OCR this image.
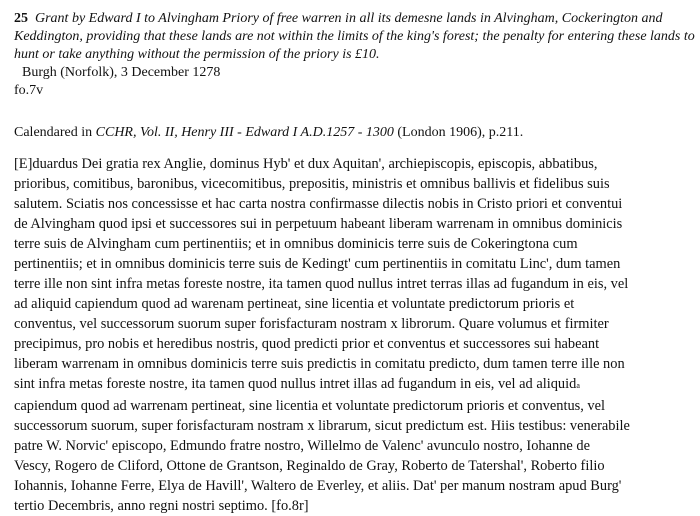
25 Grant by Edward I to Alvingham Priory of free warren in all its demesne lands in Alvingham, Cockerington and Keddington, providing that these lands are not within the limits of the king's forest; the penalty for entering these lands to hunt or take anything without the permission of the priory is £10.
Burgh (Norfolk), 3 December 1278
fo.7v
Calendared in CCHR, Vol. II, Henry III - Edward I A.D.1257 - 1300 (London 1906), p.211.
[E]duardus Dei gratia rex Anglie, dominus Hyb' et dux Aquitan', archiepiscopis, episcopis, abbatibus,
prioribus, comitibus, baronibus, vicecomitibus, prepositis, ministris et omnibus ballivis et fidelibus suis
salutem. Sciatis nos concessisse et hac carta nostra confirmasse dilectis nobis in Cristo priori et conventui
de Alvingham quod ipsi et successores sui in perpetuum habeant liberam warrenam in omnibus dominicis
terre suis de Alvingham cum pertinentiis; et in omnibus dominicis terre suis de Cokeringtona cum
pertinentiis; et in omnibus dominicis terre suis de Kedingt' cum pertinentiis in comitatu Linc', dum tamen
terre ille non sint infra metas foreste nostre, ita tamen quod nullus intret terras illas ad fugandum in eis, vel
ad aliquid capiendum quod ad warenam pertineat, sine licentia et voluntate predictorum prioris et
conventus, vel successorum suorum super forisfacturam nostram x librorum. Quare volumus et firmiter
precipimus, pro nobis et heredibus nostris, quod predicti prior et conventus et successores sui habeant
liberam warrenam in omnibus dominicis terre suis predictis in comitatu predicto, dum tamen terre ille non
sint infra metas foreste nostre, ita tamen quod nullus intret illas ad fugandum in eis, vel ad aliquida
capiendum quod ad warrenam pertineat, sine licentia et voluntate predictorum prioris et conventus, vel
successorum suorum, super forisfacturam nostram x librarum, sicut predictum est. Hiis testibus: venerabile
patre W. Norvic' episcopo, Edmundo fratre nostro, Willelmo de Valenc' avunculo nostro, Iohanne de
Vescy, Rogero de Cliford, Ottone de Grantson, Reginaldo de Gray, Roberto de Tatershal', Roberto filio
Iohannis, Iohanne Ferre, Elya de Havill', Waltero de Everley, et aliis. Dat' per manum nostram apud Burg'
tertio Decembris, anno regni nostri septimo. [fo.8r]
